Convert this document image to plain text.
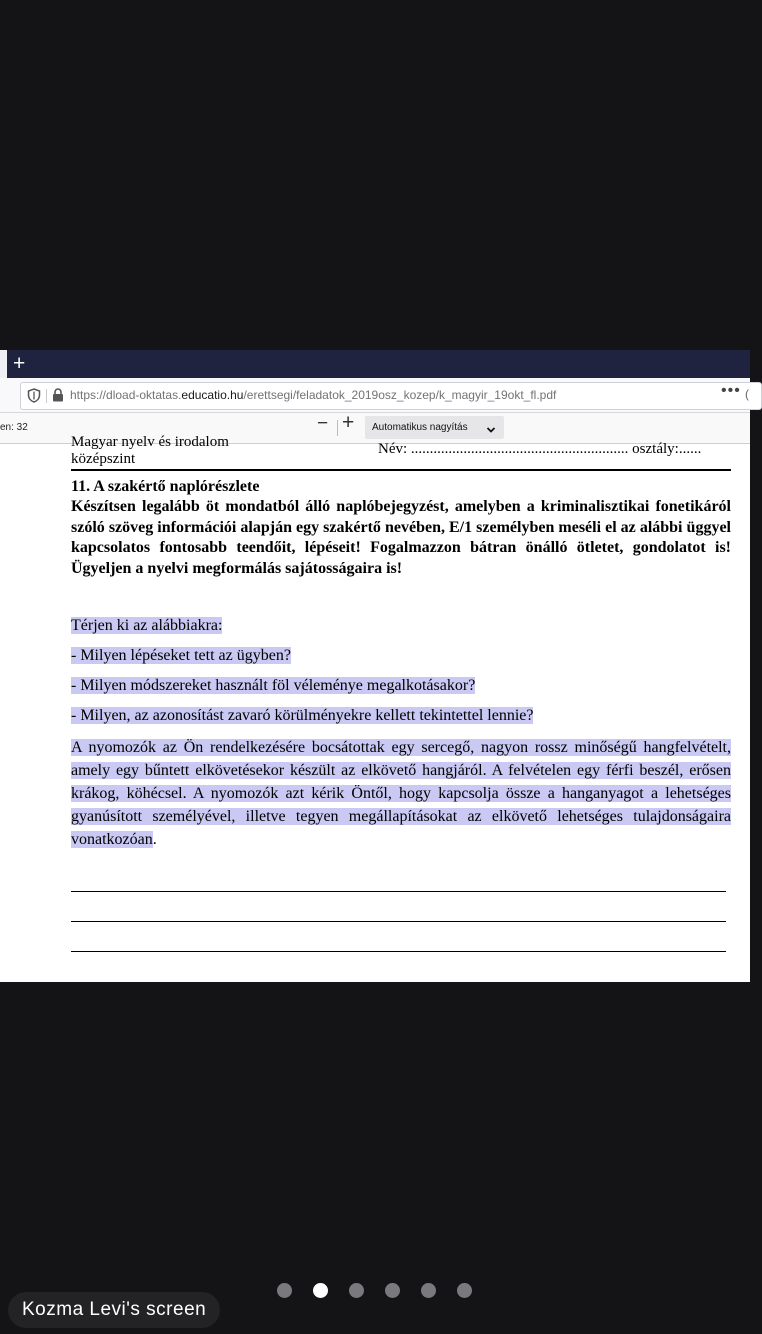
+
https://dload-oktatas.educatio.hu/erettsegi/feladatok_2019osz_kozep/k_magyir_19okt_fl.pdf	••• (
en: 32	− + Automatikus nagyítás
Magyar nyelv és irodalom
középszint
Név: .......................................................... osztály:......
11. A szakértő naplórészlete
Készítsen legalább öt mondatból álló naplóbejegyzést, amelyben a kriminalisztikai fonetikáról szóló szöveg információi alapján egy szakértő nevében, E/1 személyben meséli el az alábbi üggyel kapcsolatos fontosabb teendőit, lépéseit! Fogalmazzon bátran önálló ötletet, gondolatot is! Ügyeljen a nyelvi megformálás sajátosságaira is!
Térjen ki az alábbiakra:
- Milyen lépéseket tett az ügyben?
- Milyen módszereket használt föl véleménye megalkotásakor?
- Milyen, az azonosítást zavaró körülményekre kellett tekintettel lennie?
A nyomozók az Ön rendelkezésére bocsátottak egy sercegő, nagyon rossz minőségű hangfelvételt, amely egy bűntett elkövetésekor készült az elkövető hangjáról. A felvételen egy férfi beszél, erősen krákog, köhécsel. A nyomozók azt kérik Öntől, hogy kapcsolja össze a hanganyagot a lehetséges gyanúsított személyével, illetve tegyen megállapításokat az elkövető lehetséges tulajdonságaira vonatkozóan.
Kozma Levi's screen
